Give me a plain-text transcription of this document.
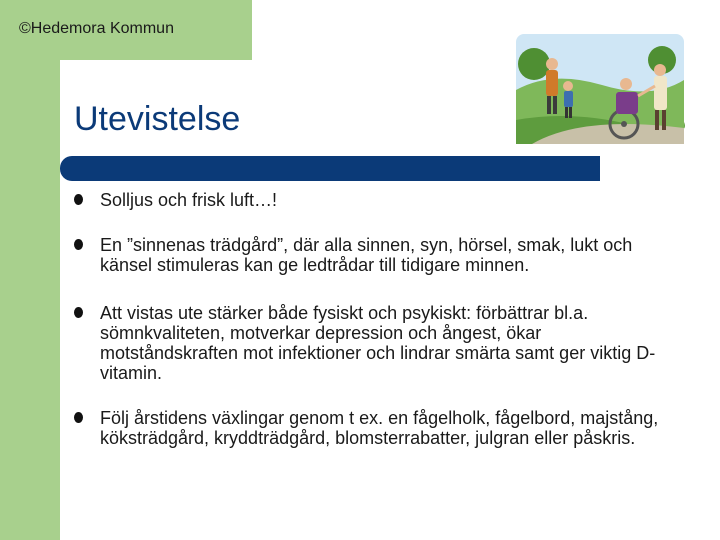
©Hedemora Kommun
Utevistelse
Solljus och frisk luft…!
En ”sinnenas trädgård”, där alla sinnen, syn, hörsel, smak, lukt och känsel stimuleras kan ge ledtrådar till tidigare minnen.
Att vistas ute stärker både fysiskt och psykiskt: förbättrar bl.a. sömnkvaliteten, motverkar depression och ångest, ökar motståndskraften mot infektioner och lindrar smärta samt ger viktig D-vitamin.
Följ årstidens växlingar genom t ex. en fågelholk, fågelbord, majstång, köksträdgård, kryddträdgård, blomsterrabatter, julgran eller påskris.
